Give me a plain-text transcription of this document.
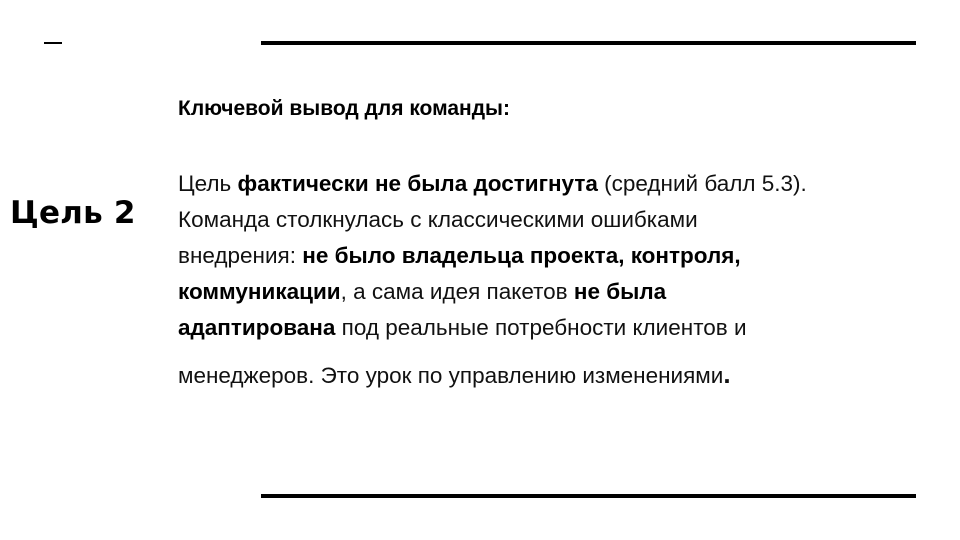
Цель 2
Ключевой вывод для команды:
Цель фактически не была достигнута (средний балл 5.3).
Команда столкнулась с классическими ошибками
внедрения: не было владельца проекта, контроля,
коммуникации, а сама идея пакетов не была
адаптирована под реальные потребности клиентов и
менеджеров. Это урок по управлению изменениями.
